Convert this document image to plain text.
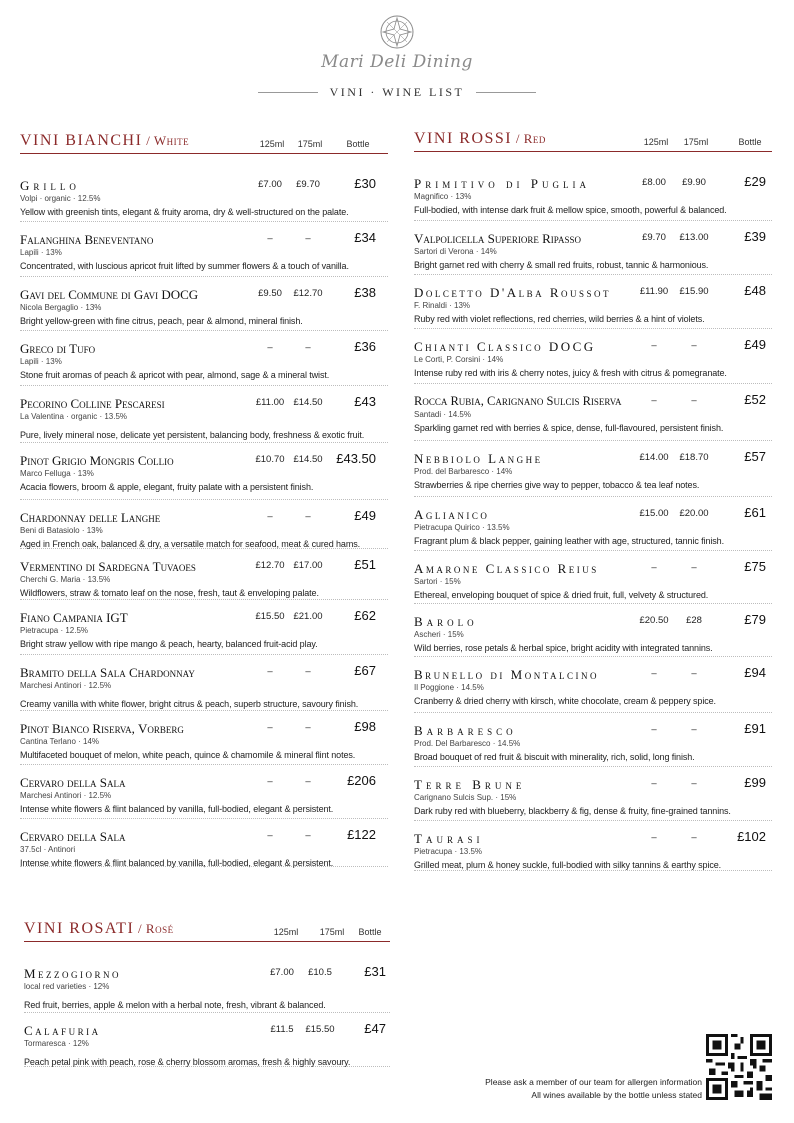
Mari Deli Dining
VINI · WINE LIST
VINI BIANCHI / White	125ml	175ml	Bottle
Grillo
Volpi · organic · 12.5%
Yellow with greenish tints, elegant & fruity aroma, dry & well-structured on the palate.
£7.00	£9.70	£30
Falanghina Beneventano
Lapili · 13%
Concentrated, with luscious apricot fruit lifted by summer flowers & a touch of vanilla.
–	–	£34
Gavi del Commune di Gavi DOCG
Nicola Bergaglio · 13%
Bright yellow-green with fine citrus, peach, pear & almond, mineral finish.
£9.50	£12.70	£38
Greco di Tufo
Lapili · 13%
Stone fruit aromas of peach & apricot with pear, almond, sage & a mineral twist.
–	–	£36
Pecorino Colline Pescaresi
La Valentina · organic · 13.5%
Pure, lively mineral nose, delicate yet persistent, balancing body, freshness & exotic fruit.
£11.00 £14.50	£43
Pinot Grigio Mongris Collio
Marco Felluga · 13%
Acacia flowers, broom & apple, elegant, fruity palate with a persistent finish.
£10.70 £14.50	£43.50
Chardonnay delle Langhe
Beni di Batasiolo · 13%
Aged in French oak, balanced & dry, a versatile match for seafood, meat & cured hams.
–	–	£49
Vermentino di Sardegna Tuvaoes
Cherchi G. Maria · 13.5%
Wildflowers, straw & tomato leaf on the nose, fresh, taut & enveloping palate.
£12.70 £17.00	£51
Fiano Campania IGT
Pietracupa · 12.5%
Bright straw yellow with ripe mango & peach, hearty, balanced fruit-acid play.
£15.50 £21.00	£62
Bramito della Sala Chardonnay
Marchesi Antinori · 12.5%
Creamy vanilla with white flower, bright citrus & peach, superb structure, savoury finish.
–	–	£67
Pinot Bianco Riserva, Vorberg
Cantina Terlano · 14%
Multifaceted bouquet of melon, white peach, quince & chamomile & mineral flint notes.
–	–	£98
Cervaro della Sala
Marchesi Antinori · 12.5%
Intense white flowers & flint balanced by vanilla, full-bodied, elegant & persistent.
–	–	£206
Cervaro della Sala
37.5cl · Antinori
Intense white flowers & flint balanced by vanilla, full-bodied, elegant & persistent.
–	–	£122
VINI ROSSI / Red	125ml	175ml	Bottle
Primitivo di Puglia
Magnifico · 13%
Full-bodied, with intense dark fruit & mellow spice, smooth, powerful & balanced.
£8.00	£9.90	£29
Valpolicella Superiore Ripasso
Sartori di Verona · 14%
Bright garnet red with cherry & small red fruits, robust, tannic & harmonious.
£9.70	£13.00	£39
Dolcetto D'Alba Roussot
F. Rinaldi · 13%
Ruby red with violet reflections, red cherries, wild berries & a hint of violets.
£11.90	£15.90	£48
Chianti Classico DOCG
Le Corti, P. Corsini · 14%
Intense ruby red with iris & cherry notes, juicy & fresh with citrus & pomegranate.
–	–	£49
Rocca Rubia, Carignano Sulcis Riserva
Santadi · 14.5%
Sparkling garnet red with berries & spice, dense, full-flavoured, persistent finish.
–	–	£52
Nebbiolo Langhe
Prod. del Barbaresco · 14%
Strawberries & ripe cherries give way to pepper, tobacco & tea leaf notes.
£14.00	£18.70	£57
Aglianico
Pietracupa Quirico · 13.5%
Fragrant plum & black pepper, gaining leather with age, structured, tannic finish.
£15.00	£20.00	£61
Amarone Classico Reius
Sartori · 15%
Ethereal, enveloping bouquet of spice & dried fruit, full, velvety & structured.
–	–	£75
Barolo
Ascheri · 15%
Wild berries, rose petals & herbal spice, bright acidity with integrated tannins.
£20.50	£28	£79
Brunello di Montalcino
Il Poggione · 14.5%
Cranberry & dried cherry with kirsch, white chocolate, cream & peppery spice.
–	–	£94
Barbaresco
Prod. Del Barbaresco · 14.5%
Broad bouquet of red fruit & biscuit with minerality, rich, solid, long finish.
–	–	£91
Terre Brune
Carignano Sulcis Sup. · 15%
Dark ruby red with blueberry, blackberry & fig, dense & fruity, fine-grained tannins.
–	–	£99
Taurasi
Pietracupa · 13.5%
Grilled meat, plum & honey suckle, full-bodied with silky tannins & earthy spice.
–	–	£102
VINI ROSATI / Rosé	125ml	175ml	Bottle
Mezzogiorno
local red varieties · 12%
Red fruit, berries, apple & melon with a herbal note, fresh, vibrant & balanced.
£7.00	£10.5	£31
Calafuria
Tormaresca · 12%
Peach petal pink with peach, rose & cherry blossom aromas, fresh & highly savoury.
£11.5	£15.50	£47
Please ask a member of our team for allergen information
All wines available by the bottle unless stated
